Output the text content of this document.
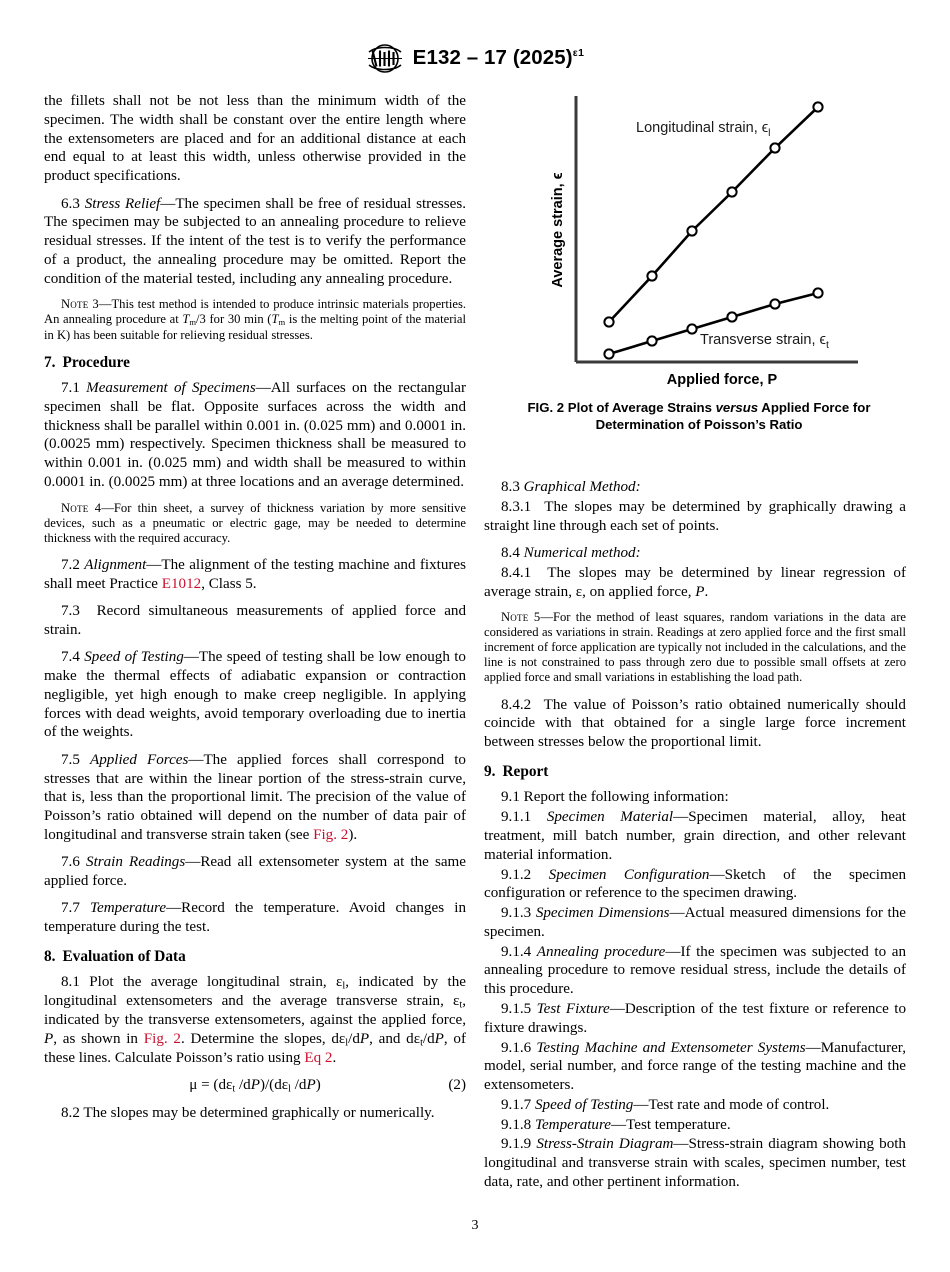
E132 – 17 $(2025)^{\varepsilon 1}$

the fillets shall not be not less than the minimum width of the specimen. The width shall be constant over the entire length where the extensometers are placed and for an additional distance at each end equal to at least this width, unless otherwise provided in the product specifications.

6.3 Stress Relief—The specimen shall be free of residual stresses. The specimen may be subjected to an annealing procedure to relieve residual stresses. If the intent of the test is to verify the performance of a product, the annealing procedure may be omitted. Report the condition of the material tested, including any annealing procedure.

Note 3—This test method is intended to produce intrinsic materials properties. An annealing procedure at $T_m/3$ for 30 $\min (T_m$ is the melting point of the material in K) has been suitable for relieving residual stresses.

7. Procedure

7.1 Measurement of Specimens—All surfaces on the rectangular specimen shall be flat. Opposite surfaces across the width and thickness shall be parallel within 0.001 in. (0.025 mm) and 0.0001 in. (0.0025 mm) respectively. Specimen thickness shall be measured to within 0.001 in. (0.025 mm) and width shall be measured to within 0.0001 in. (0.0025 mm) at three locations and an average determined.

Note 4—For thin sheet, a survey of thickness variation by more sensitive devices, such as a pneumatic or electric gage, may be needed to determine thickness with the required accuracy.

7.2 Alignment—The alignment of the testing machine and fixtures shall meet Practice E1012, Class 5.

7.3 Record simultaneous measurements of applied force and strain.

7.4 Speed of Testing—The speed of testing shall be low enough to make the thermal effects of adiabatic expansion or contraction negligible, yet high enough to make creep negligible. In applying forces with dead weights, avoid temporary overloading due to inertia of the weights.

7.5 Applied Forces—The applied forces shall correspond to stresses that are within the linear portion of the stress-strain curve, that is, less than the proportional limit. The precision of the value of Poisson’s ratio obtained will depend on the number of data pair of longitudinal and transverse strain taken (see Fig. 2).

7.6 Strain Readings—Read all extensometer system at the same applied force.

7.7 Temperature—Record the temperature. Avoid changes in temperature during the test.

8. Evaluation of Data

8.1 Plot the average longitudinal strain, $\varepsilon_l$, indicated by the longitudinal extensometers and the average transverse strain, $\varepsilon_t$, indicated by the transverse extensometers, against the applied force, P, as shown in Fig. 2. Determine the slopes, $d\varepsilon_l/dP$, and $d\varepsilon_t/dP$, of these lines. Calculate Poisson’s ratio using Eq 2.

$\mu = (d\varepsilon_t$ $/dP)/(d\varepsilon_l$ /dP)	(2)

8.2 The slopes may be determined graphically or numerically.

Longitudinal strain, $\epsilon_l$
Transverse strain, $\epsilon_t$
Average strain, ϵ
Applied force, P
FIG. 2 Plot of Average Strains versus Applied Force for Determination of Poisson’s Ratio

8.3 Graphical Method:

8.3.1 The slopes may be determined by graphically drawing a straight line through each set of points.

8.4 Numerical method:

8.4.1 The slopes may be determined by linear regression of average strain, ε, on applied force, P.

Note 5—For the method of least squares, random variations in the data are considered as variations in strain. Readings at zero applied force and the first small increment of force application are typically not included in the calculations, and the line is not constrained to pass through zero due to possible small offsets at zero applied force and small variations in establishing the load path.

8.4.2 The value of Poisson’s ratio obtained numerically should coincide with that obtained for a single large force increment between stresses below the proportional limit.

9. Report

9.1 Report the following information:

9.1.1 Specimen Material—Specimen material, alloy, heat treatment, mill batch number, grain direction, and other relevant material information.

9.1.2 Specimen Configuration—Sketch of the specimen configuration or reference to the specimen drawing.

9.1.3 Specimen Dimensions—Actual measured dimensions for the specimen.

9.1.4 Annealing procedure—If the specimen was subjected to an annealing procedure to remove residual stress, include the details of this procedure.

9.1.5 Test Fixture—Description of the test fixture or reference to fixture drawings.

9.1.6 Testing Machine and Extensometer Systems—Manufacturer, model, serial number, and force range of the testing machine and the extensometers.

9.1.7 Speed of Testing—Test rate and mode of control.

9.1.8 Temperature—Test temperature.

9.1.9 Stress-Strain Diagram—Stress-strain diagram showing both longitudinal and transverse strain with scales, specimen number, test data, rate, and other pertinent information.

3
